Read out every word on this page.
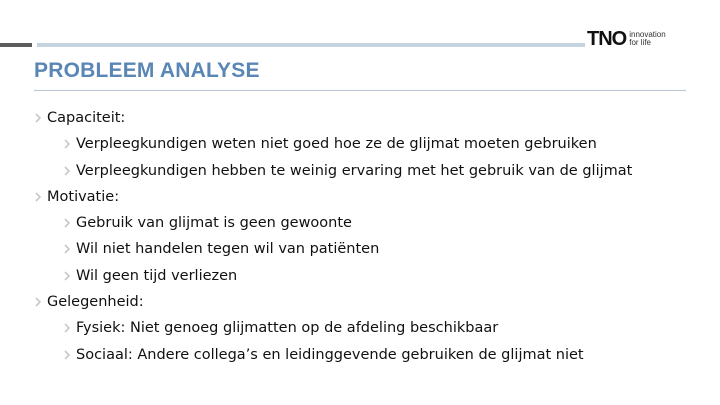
TNO innovation
for life
PROBLEEM ANALYSE
Capaciteit:
Verpleegkundigen weten niet goed hoe ze de glijmat moeten gebruiken
Verpleegkundigen hebben te weinig ervaring met het gebruik van de glijmat
Motivatie:
Gebruik van glijmat is geen gewoonte
Wil niet handelen tegen wil van patiënten
Wil geen tijd verliezen
Gelegenheid:
Fysiek: Niet genoeg glijmatten op de afdeling beschikbaar
Sociaal: Andere collega’s en leidinggevende gebruiken de glijmat niet
